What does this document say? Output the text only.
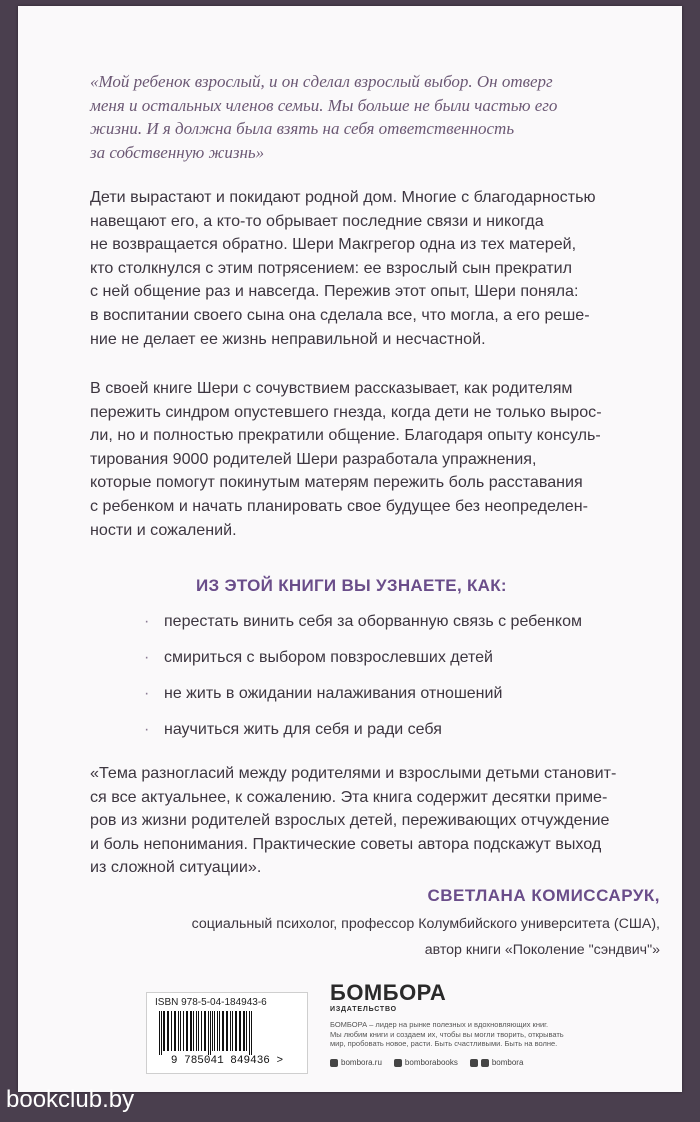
«Мой ребенок взрослый, и он сделал взрослый выбор. Он отверг

меня и остальных членов семьи. Мы больше не были частью его

жизни. И я должна была взять на себя ответственность

за собственную жизнь»

Дети вырастают и покидают родной дом. Многие с благодарностью

навещают его, а кто-то обрывает последние связи и никогда

не возвращается обратно. Шери Макгрегор одна из тех матерей,

кто столкнулся с этим потрясением: ее взрослый сын прекратил

с ней общение раз и навсегда. Пережив этот опыт, Шери поняла:

в воспитании своего сына она сделала все, что могла, а его реше-

ние не делает ее жизнь неправильной и несчастной.

В своей книге Шери с сочувствием рассказывает, как родителям

пережить синдром опустевшего гнезда, когда дети не только вырос-

ли, но и полностью прекратили общение. Благодаря опыту консуль-

тирования 9000 родителей Шери разработала упражнения,

которые помогут покинутым матерям пережить боль расставания

с ребенком и начать планировать свое будущее без неопределен-

ности и сожалений.

ИЗ ЭТОЙ КНИГИ ВЫ УЗНАЕТЕ, КАК:
· перестать винить себя за оборванную связь с ребенком
· смириться с выбором повзрослевших детей
· не жить в ожидании налаживания отношений
· научиться жить для себя и ради себя

«Тема разногласий между родителями и взрослыми детьми становит-

ся все актуальнее, к сожалению. Эта книга содержит десятки приме-

ров из жизни родителей взрослых детей, переживающих отчуждение

и боль непонимания. Практические советы автора подскажут выход

из сложной ситуации».

СВЕТЛАНА КОМИССАРУК,
социальный психолог, профессор Колумбийского университета (США),
автор книги «Поколение "сэндвич"»
ISBN 978-5-04-184943-6
9 785041 849436 >
БОМБОРА
ИЗДАТЕЛЬСТВО

БОМБОРА – лидер на рынке полезных и вдохновляющих книг.

Мы любим книги и создаем их, чтобы вы могли творить, открывать

мир, пробовать новое, расти. Быть счастливыми. Быть на волне.

bombora.ru	bomborabooks	bombora
bookclub.by
